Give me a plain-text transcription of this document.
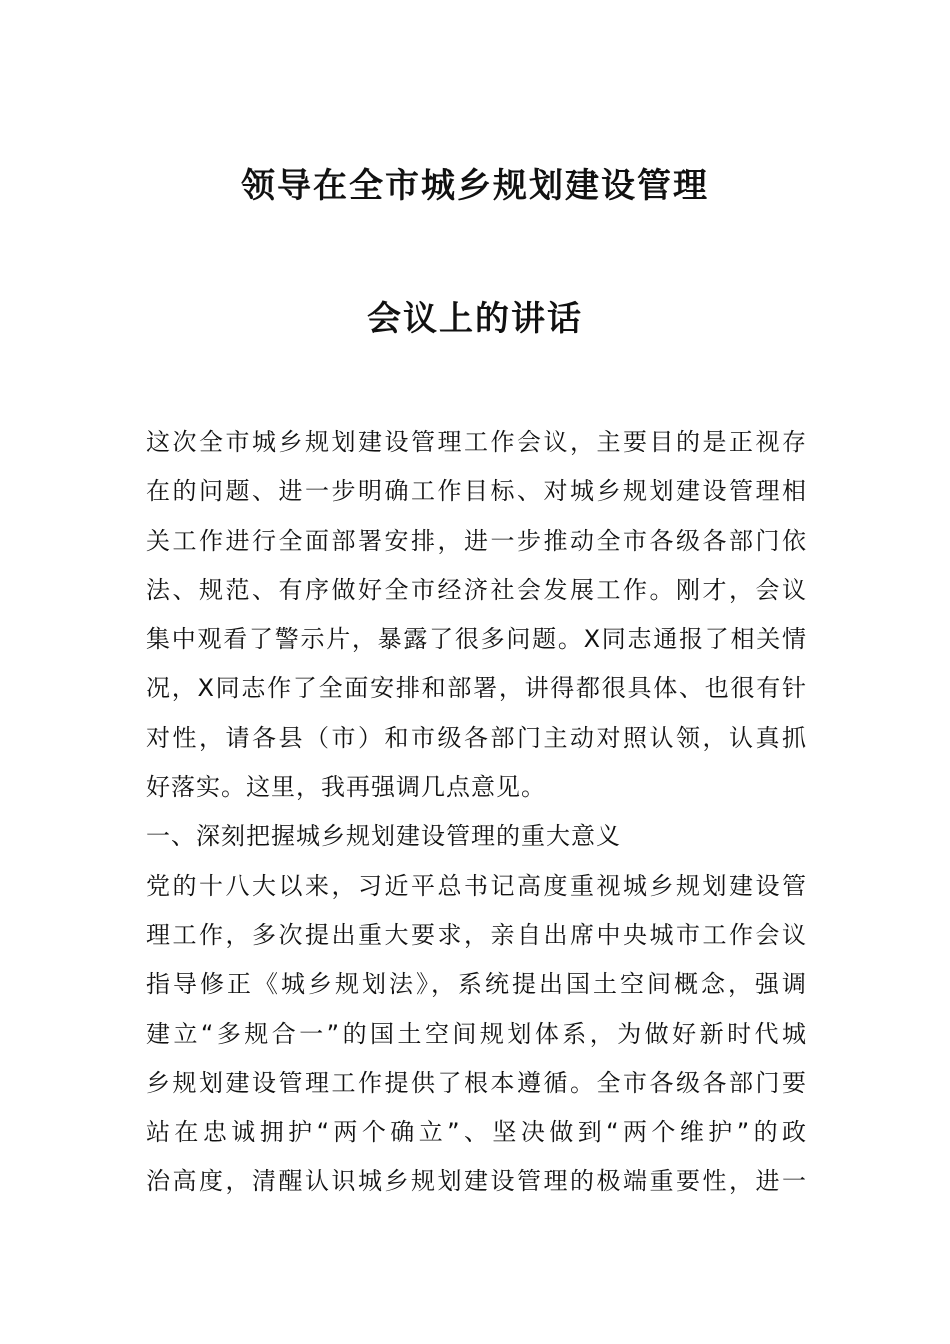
领导在全市城乡规划建设管理
会议上的讲话
这次全市城乡规划建设管理工作会议，主要目的是正视存
在的问题、进一步明确工作目标、对城乡规划建设管理相
关工作进行全面部署安排，进一步推动全市各级各部门依
法、规范、有序做好全市经济社会发展工作。刚才，会议
集中观看了警示片，暴露了很多问题。X同志通报了相关情
况，X同志作了全面安排和部署，讲得都很具体、也很有针
对性，请各县（市）和市级各部门主动对照认领，认真抓
好落实。这里，我再强调几点意见。
一、深刻把握城乡规划建设管理的重大意义
党的十八大以来，习近平总书记高度重视城乡规划建设管
理工作，多次提出重大要求，亲自出席中央城市工作会议
指导修正《城乡规划法》，系统提出国土空间概念，强调
建立“多规合一”的国土空间规划体系，为做好新时代城
乡规划建设管理工作提供了根本遵循。全市各级各部门要
站在忠诚拥护“两个确立”、坚决做到“两个维护”的政
治高度，清醒认识城乡规划建设管理的极端重要性，进一
